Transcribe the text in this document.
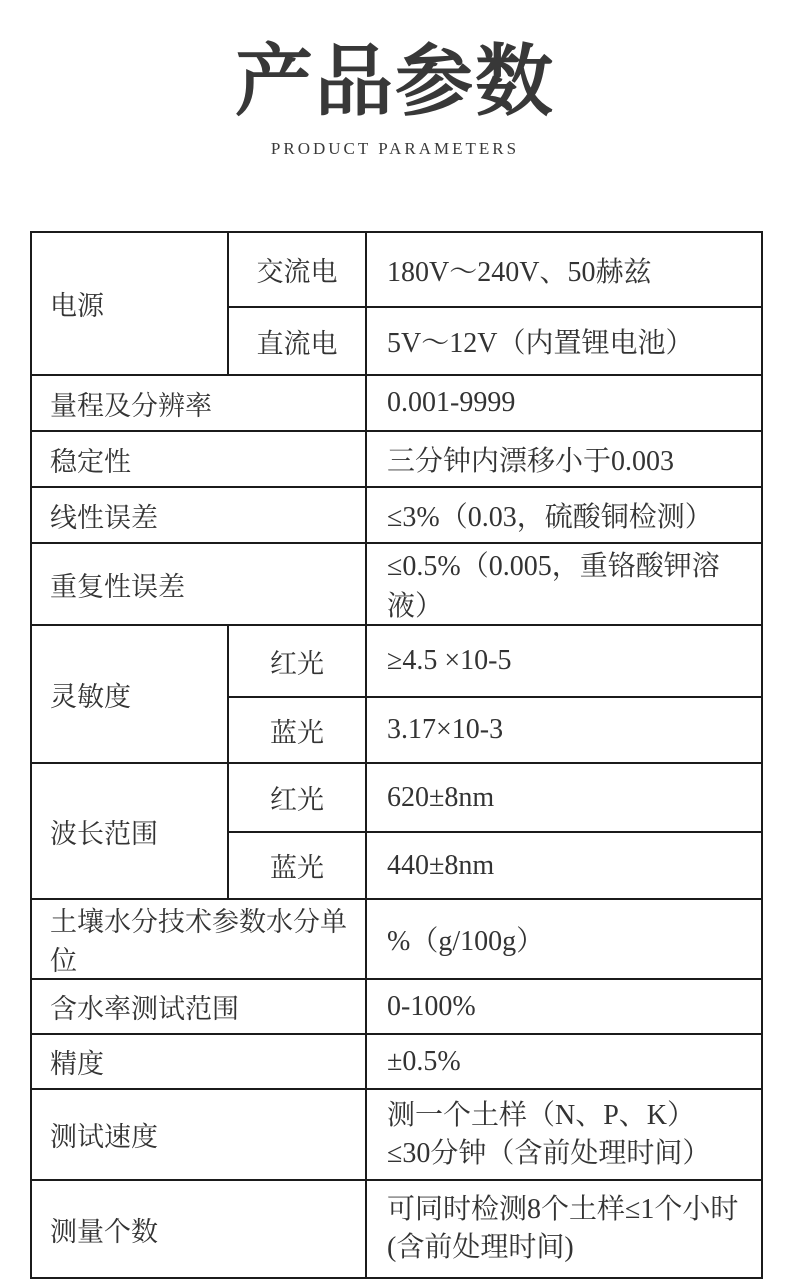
产品参数
PRODUCT PARAMETERS
电源	交流电	180V～240V、50赫兹
	直流电	5V～12V（内置锂电池）
量程及分辨率		0.001-9999
稳定性		三分钟内漂移小于0.003
线性误差		≤3%（0.03，硫酸铜检测）
重复性误差		≤0.5%（0.005，重铬酸钾溶液）
灵敏度	红光	≥4.5 ×10-5
	蓝光	3.17×10-3
波长范围	红光	620±8nm
	蓝光	440±8nm
土壤水分技术参数水分单位		%（g/100g）
含水率测试范围		0-100%
精度		±0.5%
测试速度		测一个土样（N、P、K）
≤30分钟（含前处理时间）

测量个数		可同时检测8个土样≤1个小时
(含前处理时间)
